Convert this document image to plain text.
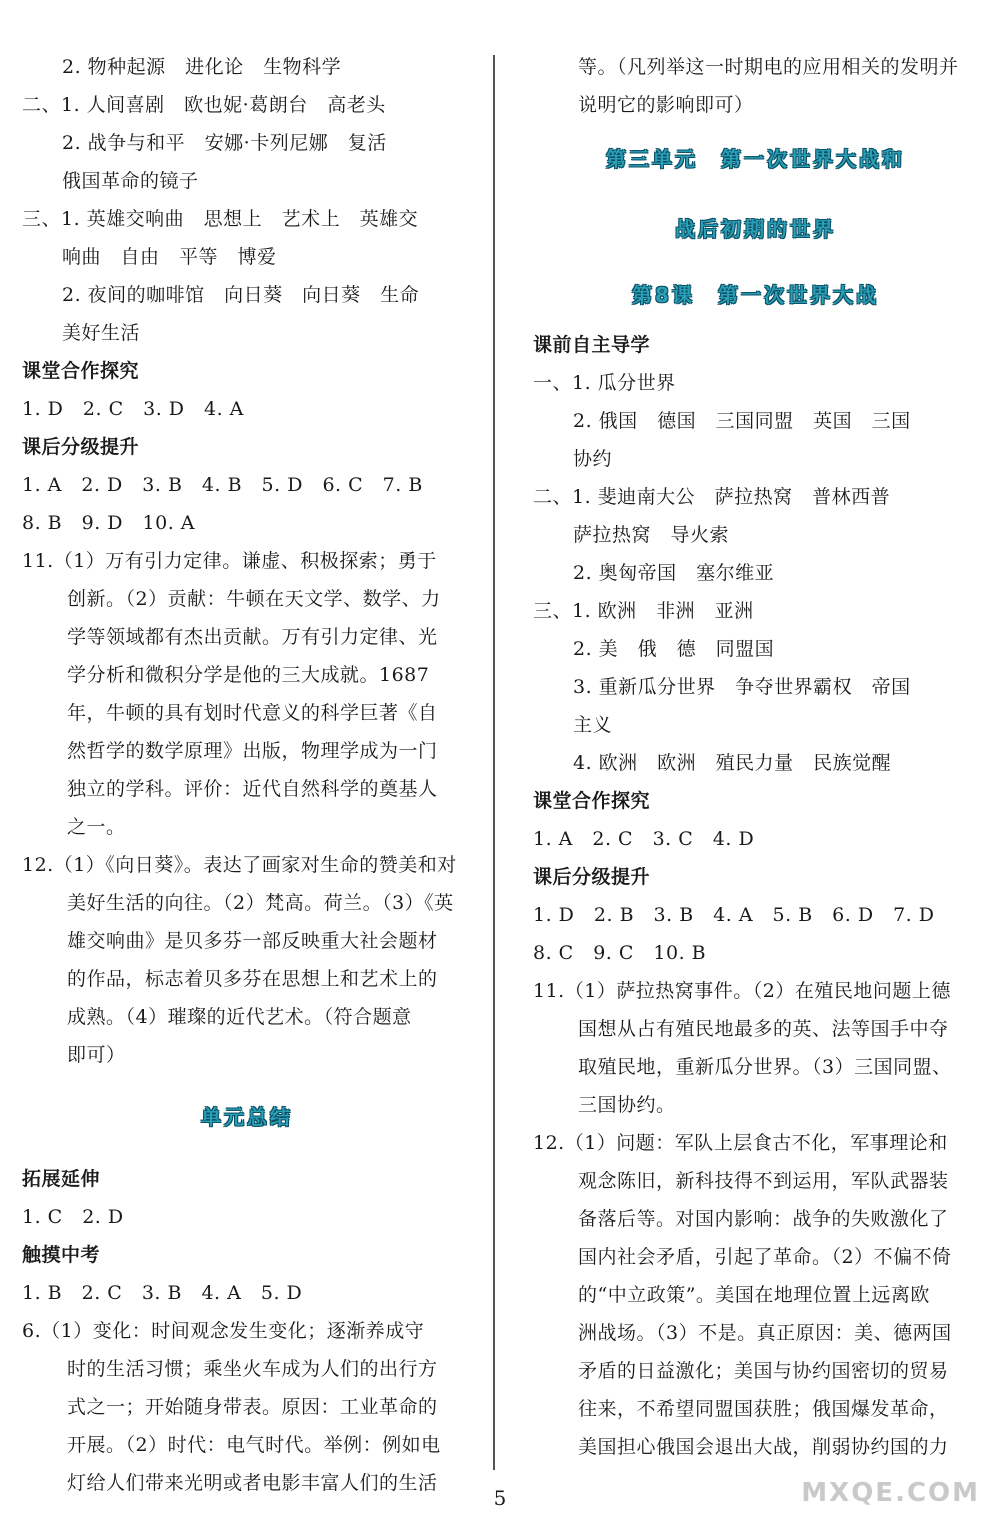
2. 物种起源　进化论　生物科学
二、1. 人间喜剧　欧也妮·葛朗台　高老头
2. 战争与和平　安娜·卡列尼娜　复活
俄国革命的镜子
三、1. 英雄交响曲　思想上　艺术上　英雄交
响曲　自由　平等　博爱
2. 夜间的咖啡馆　向日葵　向日葵　生命
美好生活
课堂合作探究
1. D　2. C　3. D　4. A
课后分级提升
1. A　2. D　3. B　4. B　5. D　6. C　7. B
8. B　9. D　10. A
11.（1）万有引力定律。谦虚、积极探索；勇于
创新。（2）贡献：牛顿在天文学、数学、力
学等领域都有杰出贡献。万有引力定律、光
学分析和微积分学是他的三大成就。1687
年，牛顿的具有划时代意义的科学巨著《自
然哲学的数学原理》出版，物理学成为一门
独立的学科。评价：近代自然科学的奠基人
之一。
12.（1）《向日葵》。表达了画家对生命的赞美和对
美好生活的向往。（2）梵高。荷兰。（3）《英
雄交响曲》是贝多芬一部反映重大社会题材
的作品，标志着贝多芬在思想上和艺术上的
成熟。（4）璀璨的近代艺术。（符合题意
即可）
单元总结
拓展延伸
1. C　2. D
触摸中考
1. B　2. C　3. B　4. A　5. D
6.（1）变化：时间观念发生变化；逐渐养成守
时的生活习惯；乘坐火车成为人们的出行方
式之一；开始随身带表。原因：工业革命的
开展。（2）时代：电气时代。举例：例如电
灯给人们带来光明或者电影丰富人们的生活
等。（凡列举这一时期电的应用相关的发明并
说明它的影响即可）
第三单元　第一次世界大战和
战后初期的世界
第8课　第一次世界大战
课前自主导学
一、1. 瓜分世界
2. 俄国　德国　三国同盟　英国　三国
协约
二、1. 斐迪南大公　萨拉热窝　普林西普
萨拉热窝　导火索
2. 奥匈帝国　塞尔维亚
三、1. 欧洲　非洲　亚洲
2. 美　俄　德　同盟国
3. 重新瓜分世界　争夺世界霸权　帝国
主义
4. 欧洲　欧洲　殖民力量　民族觉醒
课堂合作探究
1. A　2. C　3. C　4. D
课后分级提升
1. D　2. B　3. B　4. A　5. B　6. D　7. D
8. C　9. C　10. B
11.（1）萨拉热窝事件。（2）在殖民地问题上德
国想从占有殖民地最多的英、法等国手中夺
取殖民地，重新瓜分世界。（3）三国同盟、
三国协约。
12.（1）问题：军队上层食古不化，军事理论和
观念陈旧，新科技得不到运用，军队武器装
备落后等。对国内影响：战争的失败激化了
国内社会矛盾，引起了革命。（2）不偏不倚
的“中立政策”。美国在地理位置上远离欧
洲战场。（3）不是。真正原因：美、德两国
矛盾的日益激化；美国与协约国密切的贸易
往来，不希望同盟国获胜；俄国爆发革命，
美国担心俄国会退出大战，削弱协约国的力
5	MXQE.COM
